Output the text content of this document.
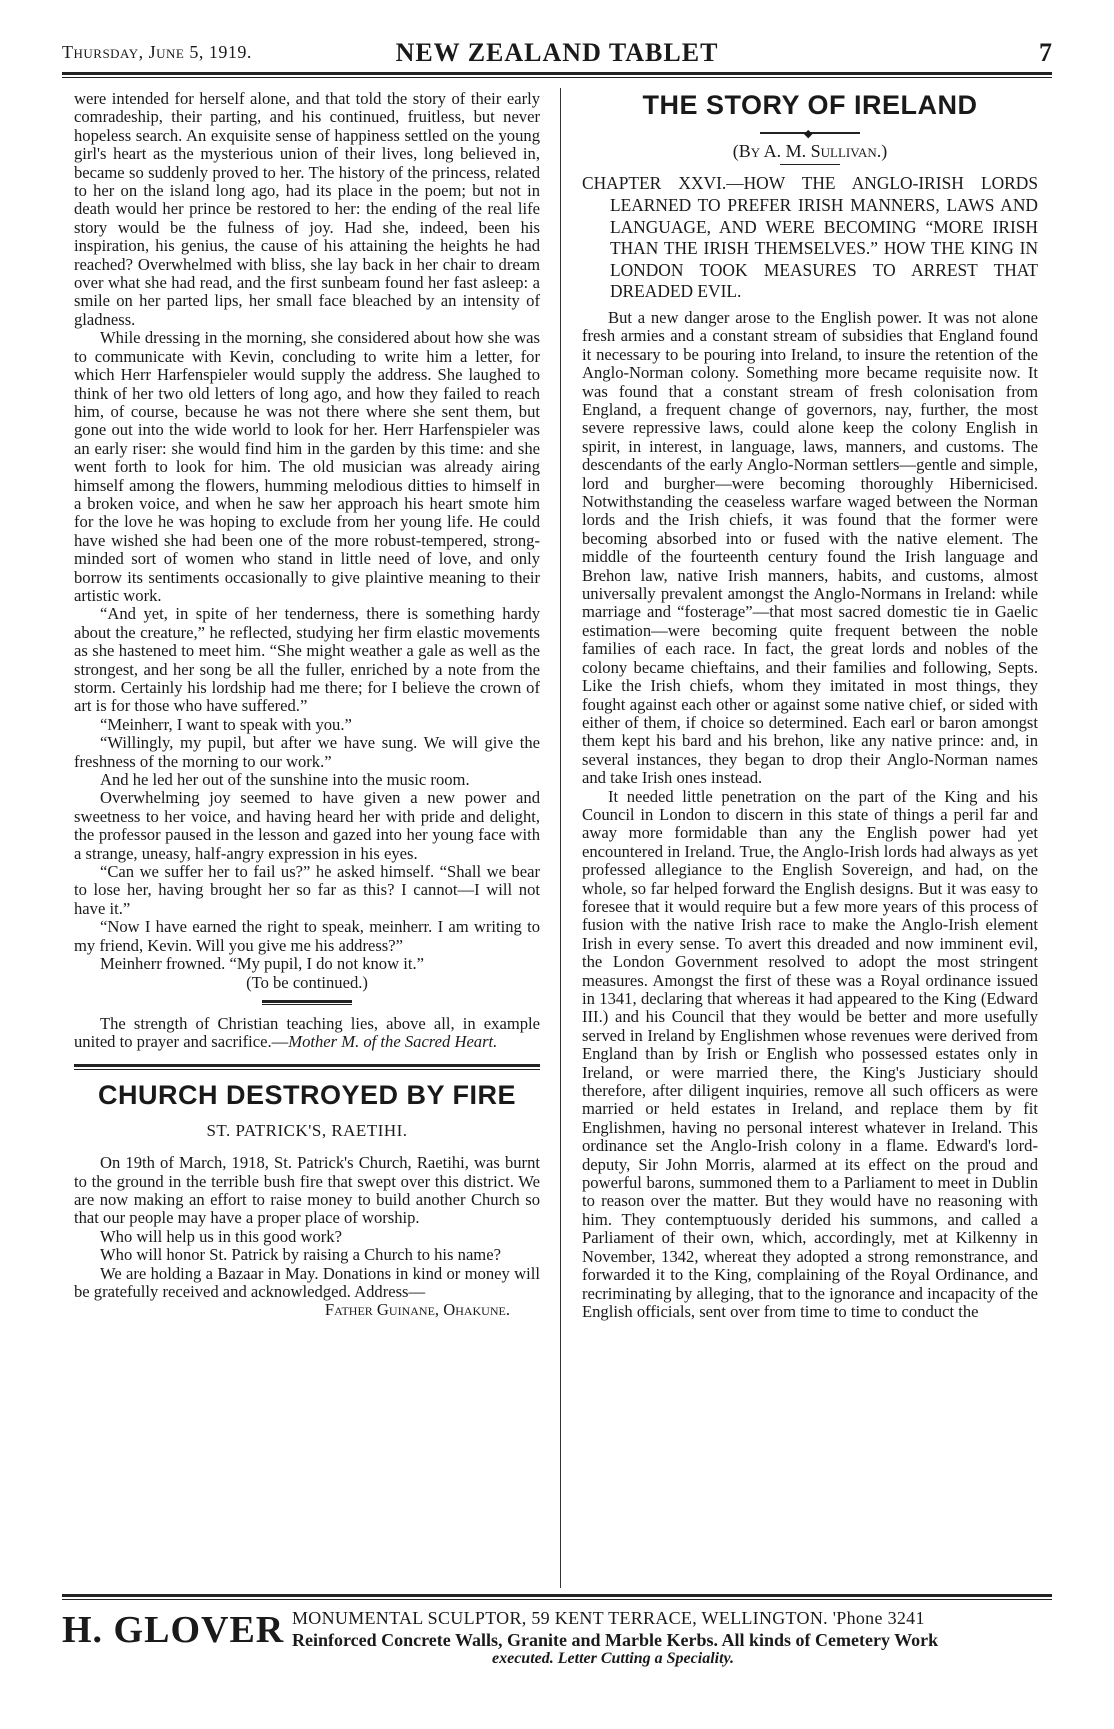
Thursday, June 5, 1919.	NEW ZEALAND TABLET	7

were intended for herself alone, and that told the story of their early comradeship, their parting, and his continued, fruitless, but never hopeless search. An exquisite sense of happiness settled on the young girl's heart as the mysterious union of their lives, long believed in, became so suddenly proved to her. The history of the princess, related to her on the island long ago, had its place in the poem; but not in death would her prince be restored to her: the ending of the real life story would be the fulness of joy. Had she, indeed, been his inspiration, his genius, the cause of his attaining the heights he had reached? Overwhelmed with bliss, she lay back in her chair to dream over what she had read, and the first sunbeam found her fast asleep: a smile on her parted lips, her small face bleached by an intensity of gladness.

While dressing in the morning, she considered about how she was to communicate with Kevin, concluding to write him a letter, for which Herr Harfenspieler would supply the address. She laughed to think of her two old letters of long ago, and how they failed to reach him, of course, because he was not there where she sent them, but gone out into the wide world to look for her. Herr Harfenspieler was an early riser: she would find him in the garden by this time: and she went forth to look for him. The old musician was already airing himself among the flowers, humming melodious ditties to himself in a broken voice, and when he saw her approach his heart smote him for the love he was hoping to exclude from her young life. He could have wished she had been one of the more robust-tempered, strong-minded sort of women who stand in little need of love, and only borrow its sentiments occasionally to give plaintive meaning to their artistic work.

“And yet, in spite of her tenderness, there is something hardy about the creature,” he reflected, studying her firm elastic movements as she hastened to meet him. “She might weather a gale as well as the strongest, and her song be all the fuller, enriched by a note from the storm. Certainly his lordship had me there; for I believe the crown of art is for those who have suffered.”

“Meinherr, I want to speak with you.”

“Willingly, my pupil, but after we have sung. We will give the freshness of the morning to our work.”

And he led her out of the sunshine into the music room.

Overwhelming joy seemed to have given a new power and sweetness to her voice, and having heard her with pride and delight, the professor paused in the lesson and gazed into her young face with a strange, uneasy, half-angry expression in his eyes.

“Can we suffer her to fail us?” he asked himself. “Shall we bear to lose her, having brought her so far as this? I cannot—I will not have it.”

“Now I have earned the right to speak, meinherr. I am writing to my friend, Kevin. Will you give me his address?”

Meinherr frowned. “My pupil, I do not know it.”

(To be continued.)

The strength of Christian teaching lies, above all, in example united to prayer and sacrifice.—Mother M. of the Sacred Heart.

CHURCH DESTROYED BY FIRE
ST. PATRICK'S, RAETIHI.

On 19th of March, 1918, St. Patrick's Church, Raetihi, was burnt to the ground in the terrible bush fire that swept over this district. We are now making an effort to raise money to build another Church so that our people may have a proper place of worship.

Who will help us in this good work?

Who will honor St. Patrick by raising a Church to his name?

We are holding a Bazaar in May. Donations in kind or money will be gratefully received and acknowledged. Address—

Father Guinane, Ohakune.

THE STORY OF IRELAND
◆
(By A. M. Sullivan.)
CHAPTER XXVI.—HOW THE ANGLO-IRISH LORDS LEARNED TO PREFER IRISH MANNERS, LAWS AND LANGUAGE, AND WERE BECOMING “MORE IRISH THAN THE IRISH THEMSELVES.” HOW THE KING IN LONDON TOOK MEASURES TO ARREST THAT DREADED EVIL.

But a new danger arose to the English power. It was not alone fresh armies and a constant stream of subsidies that England found it necessary to be pouring into Ireland, to insure the retention of the Anglo-Norman colony. Something more became requisite now. It was found that a constant stream of fresh colonisation from England, a frequent change of governors, nay, further, the most severe repressive laws, could alone keep the colony English in spirit, in interest, in language, laws, manners, and customs. The descendants of the early Anglo-Norman settlers—gentle and simple, lord and burgher—were becoming thoroughly Hibernicised. Notwithstanding the ceaseless warfare waged between the Norman lords and the Irish chiefs, it was found that the former were becoming absorbed into or fused with the native element. The middle of the fourteenth century found the Irish language and Brehon law, native Irish manners, habits, and customs, almost universally prevalent amongst the Anglo-Normans in Ireland: while marriage and “fosterage”—that most sacred domestic tie in Gaelic estimation—were becoming quite frequent between the noble families of each race. In fact, the great lords and nobles of the colony became chieftains, and their families and following, Septs. Like the Irish chiefs, whom they imitated in most things, they fought against each other or against some native chief, or sided with either of them, if choice so determined. Each earl or baron amongst them kept his bard and his brehon, like any native prince: and, in several instances, they began to drop their Anglo-Norman names and take Irish ones instead.

It needed little penetration on the part of the King and his Council in London to discern in this state of things a peril far and away more formidable than any the English power had yet encountered in Ireland. True, the Anglo-Irish lords had always as yet professed allegiance to the English Sovereign, and had, on the whole, so far helped forward the English designs. But it was easy to foresee that it would require but a few more years of this process of fusion with the native Irish race to make the Anglo-Irish element Irish in every sense. To avert this dreaded and now imminent evil, the London Government resolved to adopt the most stringent measures. Amongst the first of these was a Royal ordinance issued in 1341, declaring that whereas it had appeared to the King (Edward III.) and his Council that they would be better and more usefully served in Ireland by Englishmen whose revenues were derived from England than by Irish or English who possessed estates only in Ireland, or were married there, the King's Justiciary should therefore, after diligent inquiries, remove all such officers as were married or held estates in Ireland, and replace them by fit Englishmen, having no personal interest whatever in Ireland. This ordinance set the Anglo-Irish colony in a flame. Edward's lord-deputy, Sir John Morris, alarmed at its effect on the proud and powerful barons, summoned them to a Parliament to meet in Dublin to reason over the matter. But they would have no reasoning with him. They contemptuously derided his summons, and called a Parliament of their own, which, accordingly, met at Kilkenny in November, 1342, whereat they adopted a strong remonstrance, and forwarded it to the King, complaining of the Royal Ordinance, and recriminating by alleging, that to the ignorance and incapacity of the English officials, sent over from time to time to conduct the

H. GLOVER MONUMENTAL SCULPTOR, 59 KENT TERRACE, WELLINGTON. 'Phone 3241
Reinforced Concrete Walls, Granite and Marble Kerbs. All kinds of Cemetery Work
executed. Letter Cutting a Speciality.
